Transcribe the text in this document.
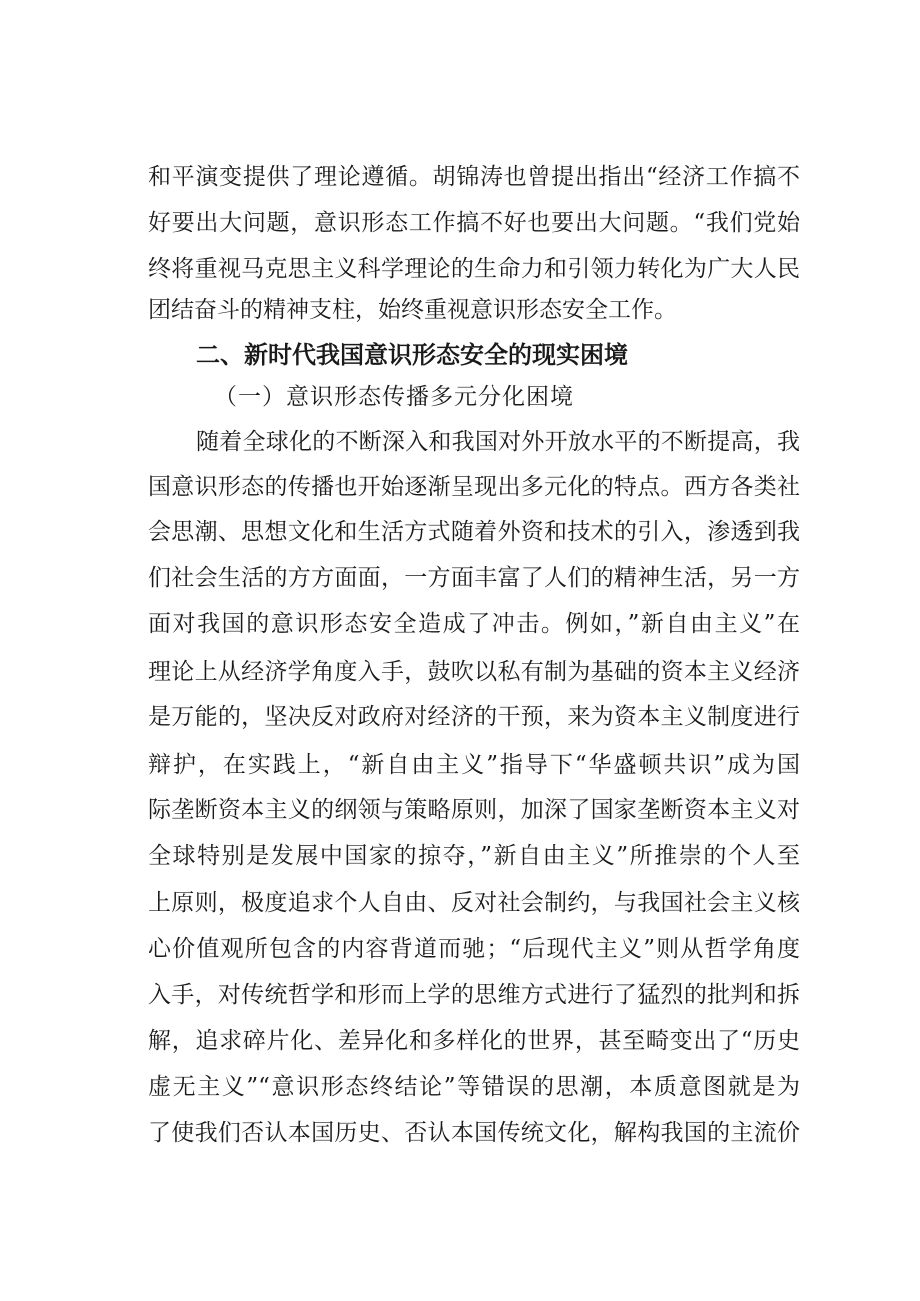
和平演变提供了理论遵循。胡锦涛也曾提出指出“经济工作搞不
好要出大问题，意识形态工作搞不好也要出大问题。“我们党始
终将重视马克思主义科学理论的生命力和引领力转化为广大人民
团结奋斗的精神支柱，始终重视意识形态安全工作。
二、新时代我国意识形态安全的现实困境
（一）意识形态传播多元分化困境
随着全球化的不断深入和我国对外开放水平的不断提高，我
国意识形态的传播也开始逐渐呈现出多元化的特点。西方各类社
会思潮、思想文化和生活方式随着外资和技术的引入，渗透到我
们社会生活的方方面面，一方面丰富了人们的精神生活，另一方
面对我国的意识形态安全造成了冲击。例如，”新自由主义”在
理论上从经济学角度入手，鼓吹以私有制为基础的资本主义经济
是万能的，坚决反对政府对经济的干预，来为资本主义制度进行
辩护，在实践上，“新自由主义”指导下“华盛顿共识”成为国
际垄断资本主义的纲领与策略原则，加深了国家垄断资本主义对
全球特别是发展中国家的掠夺，”新自由主义”所推崇的个人至
上原则，极度追求个人自由、反对社会制约，与我国社会主义核
心价值观所包含的内容背道而驰；“后现代主义”则从哲学角度
入手，对传统哲学和形而上学的思维方式进行了猛烈的批判和拆
解，追求碎片化、差异化和多样化的世界，甚至畸变出了“历史
虚无主义”“意识形态终结论”等错误的思潮，本质意图就是为
了使我们否认本国历史、否认本国传统文化，解构我国的主流价
